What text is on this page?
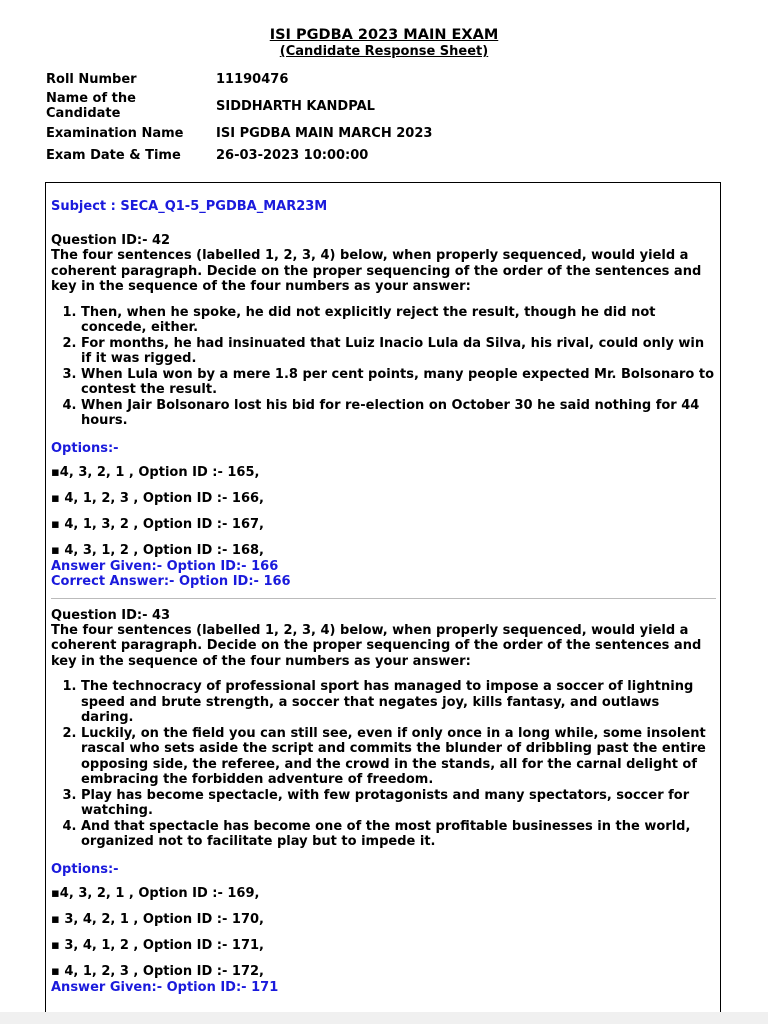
ISI PGDBA 2023 MAIN EXAM
(Candidate Response Sheet)
Roll Number	11190476
Name of the
Candidate	SIDDHARTH KANDPAL
Examination Name	ISI PGDBA MAIN MARCH 2023
Exam Date & Time	26-03-2023 10:00:00
Subject : SECA_Q1-5_PGDBA_MAR23M
Question ID:- 42
The four sentences (labelled 1, 2, 3, 4) below, when properly sequenced, would yield a coherent paragraph. Decide on the proper sequencing of the order of the sentences and key in the sequence of the four numbers as your answer:
1. Then, when he spoke, he did not explicitly reject the result, though he did not concede, either.
2. For months, he had insinuated that Luiz Inacio Lula da Silva, his rival, could only win if it was rigged.
3. When Lula won by a mere 1.8 per cent points, many people expected Mr. Bolsonaro to contest the result.
4. When Jair Bolsonaro lost his bid for re-election on October 30 he said nothing for 44 hours.
Options:-
▪4, 3, 2, 1 , Option ID :- 165,
▪ 4, 1, 2, 3 , Option ID :- 166,
▪ 4, 1, 3, 2 , Option ID :- 167,
▪ 4, 3, 1, 2 , Option ID :- 168,
Answer Given:- Option ID:- 166
Correct Answer:- Option ID:- 166
Question ID:- 43
The four sentences (labelled 1, 2, 3, 4) below, when properly sequenced, would yield a coherent paragraph. Decide on the proper sequencing of the order of the sentences and key in the sequence of the four numbers as your answer:
1. The technocracy of professional sport has managed to impose a soccer of lightning speed and brute strength, a soccer that negates joy, kills fantasy, and outlaws daring.
2. Luckily, on the field you can still see, even if only once in a long while, some insolent rascal who sets aside the script and commits the blunder of dribbling past the entire opposing side, the referee, and the crowd in the stands, all for the carnal delight of embracing the forbidden adventure of freedom.
3. Play has become spectacle, with few protagonists and many spectators, soccer for watching.
4. And that spectacle has become one of the most profitable businesses in the world, organized not to facilitate play but to impede it.
Options:-
▪4, 3, 2, 1 , Option ID :- 169,
▪ 3, 4, 2, 1 , Option ID :- 170,
▪ 3, 4, 1, 2 , Option ID :- 171,
▪ 4, 1, 2, 3 , Option ID :- 172,
Answer Given:- Option ID:- 171
